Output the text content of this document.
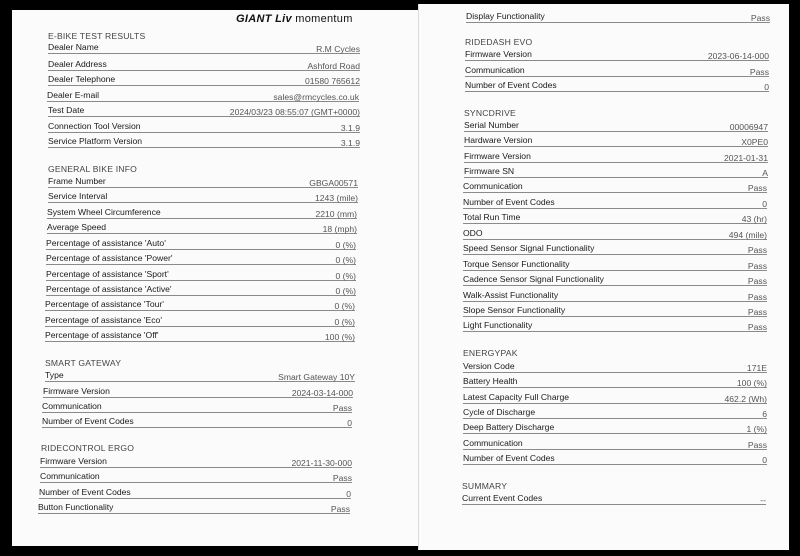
GIANT Liv momentum
E-BIKE TEST RESULTS
Dealer Name	R.M Cycles
Dealer Address	Ashford Road
Dealer Telephone	01580 765612
Dealer E-mail	sales@rmcycles.co.uk
Test Date	2024/03/23 08:55:07 (GMT+0000)
Connection Tool Version	3.1.9
Service Platform Version	3.1.9
GENERAL BIKE INFO
Frame Number	GBGA00571
Service Interval	1243 (mile)
System Wheel Circumference	2210 (mm)
Average Speed	18 (mph)
Percentage of assistance 'Auto'	0 (%)
Percentage of assistance 'Power'	0 (%)
Percentage of assistance 'Sport'	0 (%)
Percentage of assistance 'Active'	0 (%)
Percentage of assistance 'Tour'	0 (%)
Percentage of assistance 'Eco'	0 (%)
Percentage of assistance 'Off'	100 (%)
SMART GATEWAY
Type	Smart Gateway 10Y
Firmware Version	2024-03-14-000
Communication	Pass
Number of Event Codes	0
RIDECONTROL ERGO
Firmware Version	2021-11-30-000
Communication	Pass
Number of Event Codes	0
Button Functionality	Pass
Display Functionality	Pass
RIDEDASH EVO
Firmware Version	2023-06-14-000
Communication	Pass
Number of Event Codes	0
SYNCDRIVE
Serial Number	00006947
Hardware Version	X0PE0
Firmware Version	2021-01-31
Firmware SN	A
Communication	Pass
Number of Event Codes	0
Total Run Time	43 (hr)
ODO	494 (mile)
Speed Sensor Signal Functionality	Pass
Torque Sensor Functionality	Pass
Cadence Sensor Signal Functionality	Pass
Walk-Assist Functionality	Pass
Slope Sensor Functionality	Pass
Light Functionality	Pass
ENERGYPAK
Version Code	171E
Battery Health	100 (%)
Latest Capacity Full Charge	462.2 (Wh)
Cycle of Discharge	6
Deep Battery Discharge	1 (%)
Communication	Pass
Number of Event Codes	0
SUMMARY
Current Event Codes	--
